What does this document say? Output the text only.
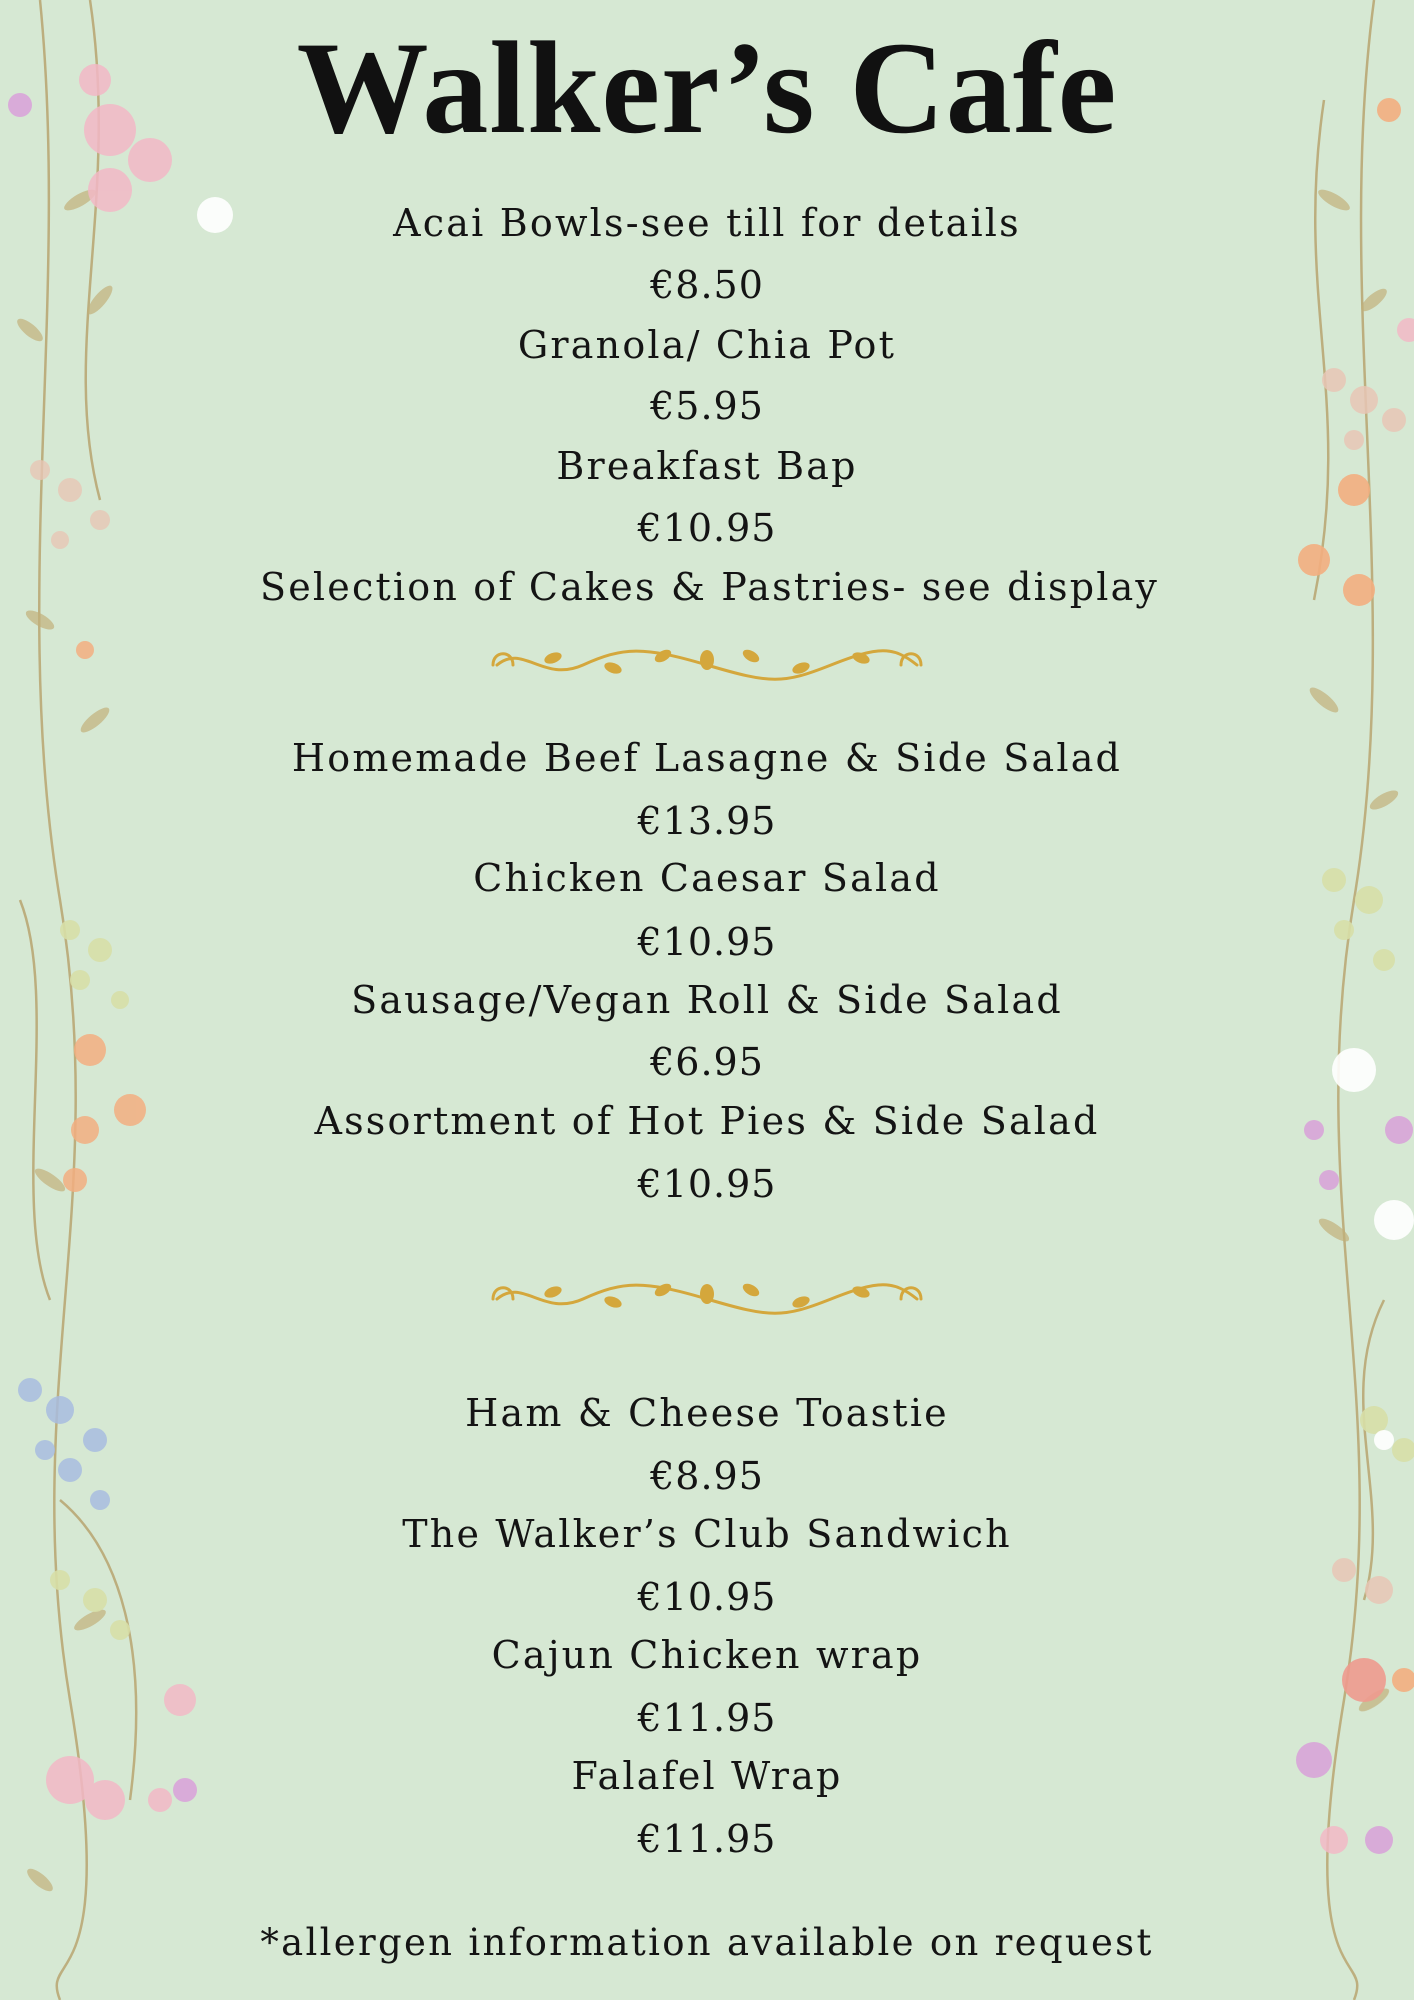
Walker’s Cafe
Acai Bowls-see till for details
€8.50
Granola/ Chia Pot
€5.95
Breakfast Bap
€10.95
Selection of Cakes & Pastries- see display
Homemade Beef Lasagne & Side Salad
€13.95
Chicken Caesar Salad
€10.95
Sausage/Vegan Roll & Side Salad
€6.95
Assortment of Hot Pies & Side Salad
€10.95
Ham & Cheese Toastie
€8.95
The Walker’s Club Sandwich
€10.95
Cajun Chicken wrap
€11.95
Falafel Wrap
€11.95
*allergen information available on request
